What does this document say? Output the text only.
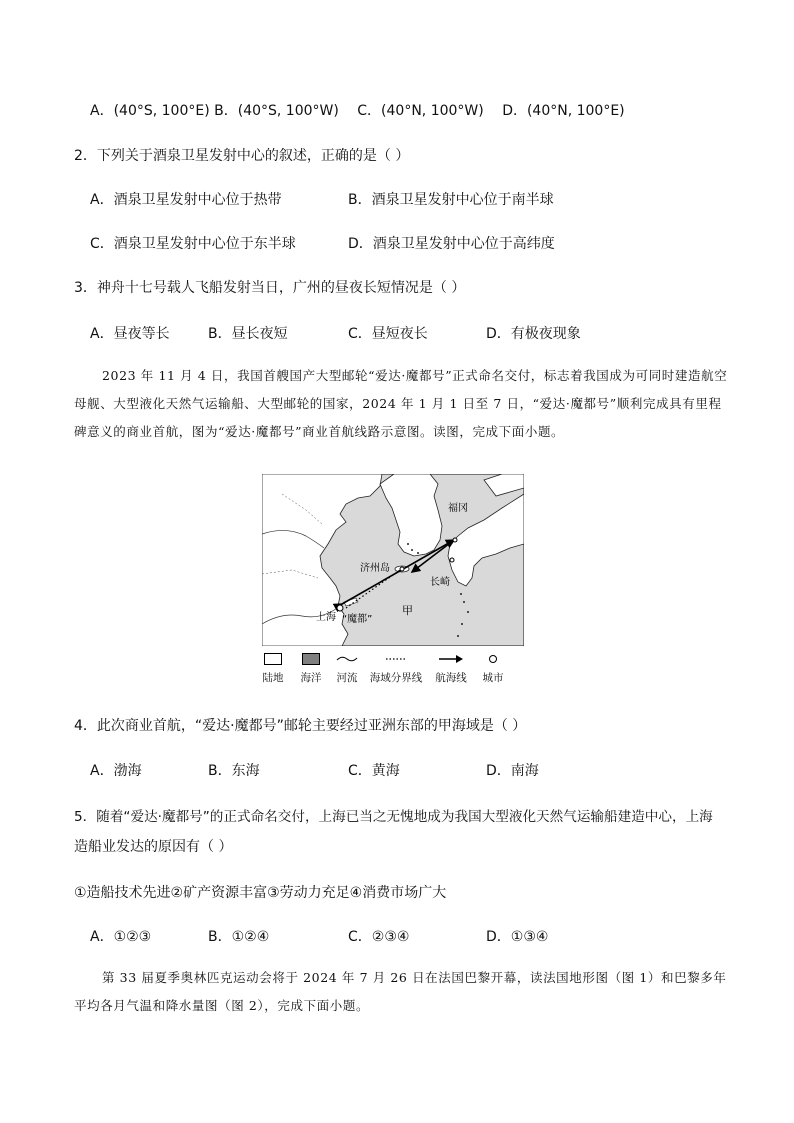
A．(40°S, 100°E) B．(40°S, 100°W) C．(40°N, 100°W) D．(40°N, 100°E)
2．下列关于酒泉卫星发射中心的叙述，正确的是（ ）
A．酒泉卫星发射中心位于热带	B．酒泉卫星发射中心位于南半球
C．酒泉卫星发射中心位于东半球	D．酒泉卫星发射中心位于高纬度
3．神舟十七号载人飞船发射当日，广州的昼夜长短情况是（ ）
A．昼夜等长	B．昼长夜短	C．昼短夜长	D．有极夜现象
2023 年 11 月 4 日，我国首艘国产大型邮轮“爱达·魔都号”正式命名交付，标志着我国成为可同时建造航空母舰、大型液化天然气运输船、大型邮轮的国家，2024 年 1 月 1 日至 7 日，“爱达·魔都号”顺利完成具有里程碑意义的商业首航，图为“爱达·魔都号”商业首航线路示意图。读图，完成下面小题。
福冈
济州岛
长崎
上海 “魔都”
甲
陆地	海洋	河流	海域分界线	航海线	城市
4．此次商业首航，“爱达·魔都号”邮轮主要经过亚洲东部的甲海域是（ ）
A．渤海	B．东海	C．黄海	D．南海
5．随着“爱达·魔都号”的正式命名交付，上海已当之无愧地成为我国大型液化天然气运输船建造中心，上海
造船业发达的原因有（ ）
①造船技术先进②矿产资源丰富③劳动力充足④消费市场广大
A．①②③	B．①②④	C．②③④	D．①③④
第 33 届夏季奥林匹克运动会将于 2024 年 7 月 26 日在法国巴黎开幕，读法国地形图（图 1）和巴黎多年平均各月气温和降水量图（图 2），完成下面小题。
